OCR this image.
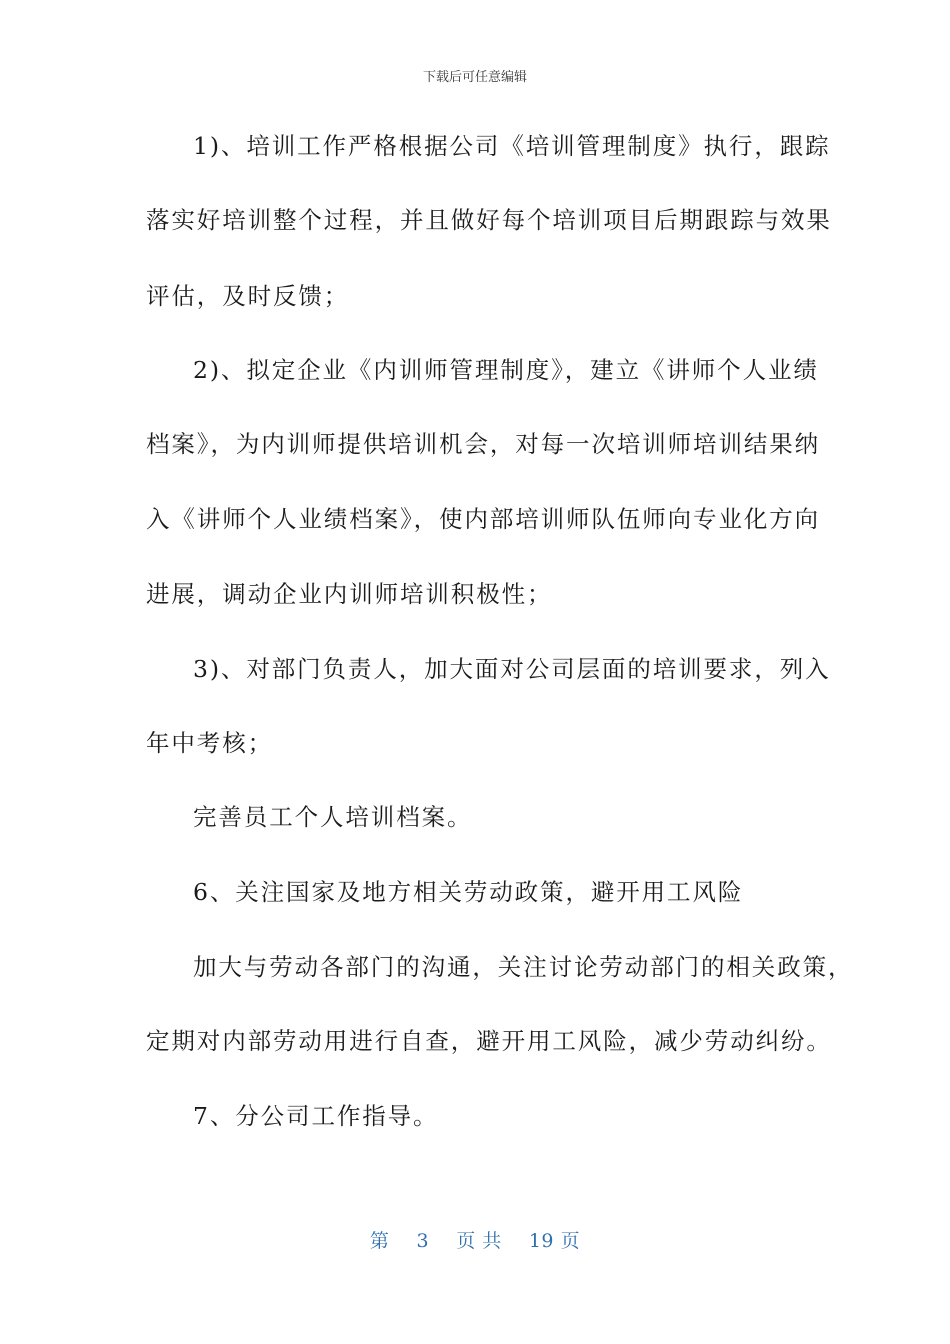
下载后可任意编辑
1)、培训工作严格根据公司《培训管理制度》执行，跟踪
落实好培训整个过程，并且做好每个培训项目后期跟踪与效果
评估，及时反馈；
2)、拟定企业《内训师管理制度》，建立《讲师个人业绩
档案》，为内训师提供培训机会，对每一次培训师培训结果纳
入《讲师个人业绩档案》，使内部培训师队伍师向专业化方向
进展，调动企业内训师培训积极性；
3)、对部门负责人，加大面对公司层面的培训要求，列入
年中考核；
完善员工个人培训档案。
6、关注国家及地方相关劳动政策，避开用工风险
加大与劳动各部门的沟通，关注讨论劳动部门的相关政策，
定期对内部劳动用进行自查，避开用工风险，减少劳动纠纷。
7、分公司工作指导。
第 3 页 共 19 页
